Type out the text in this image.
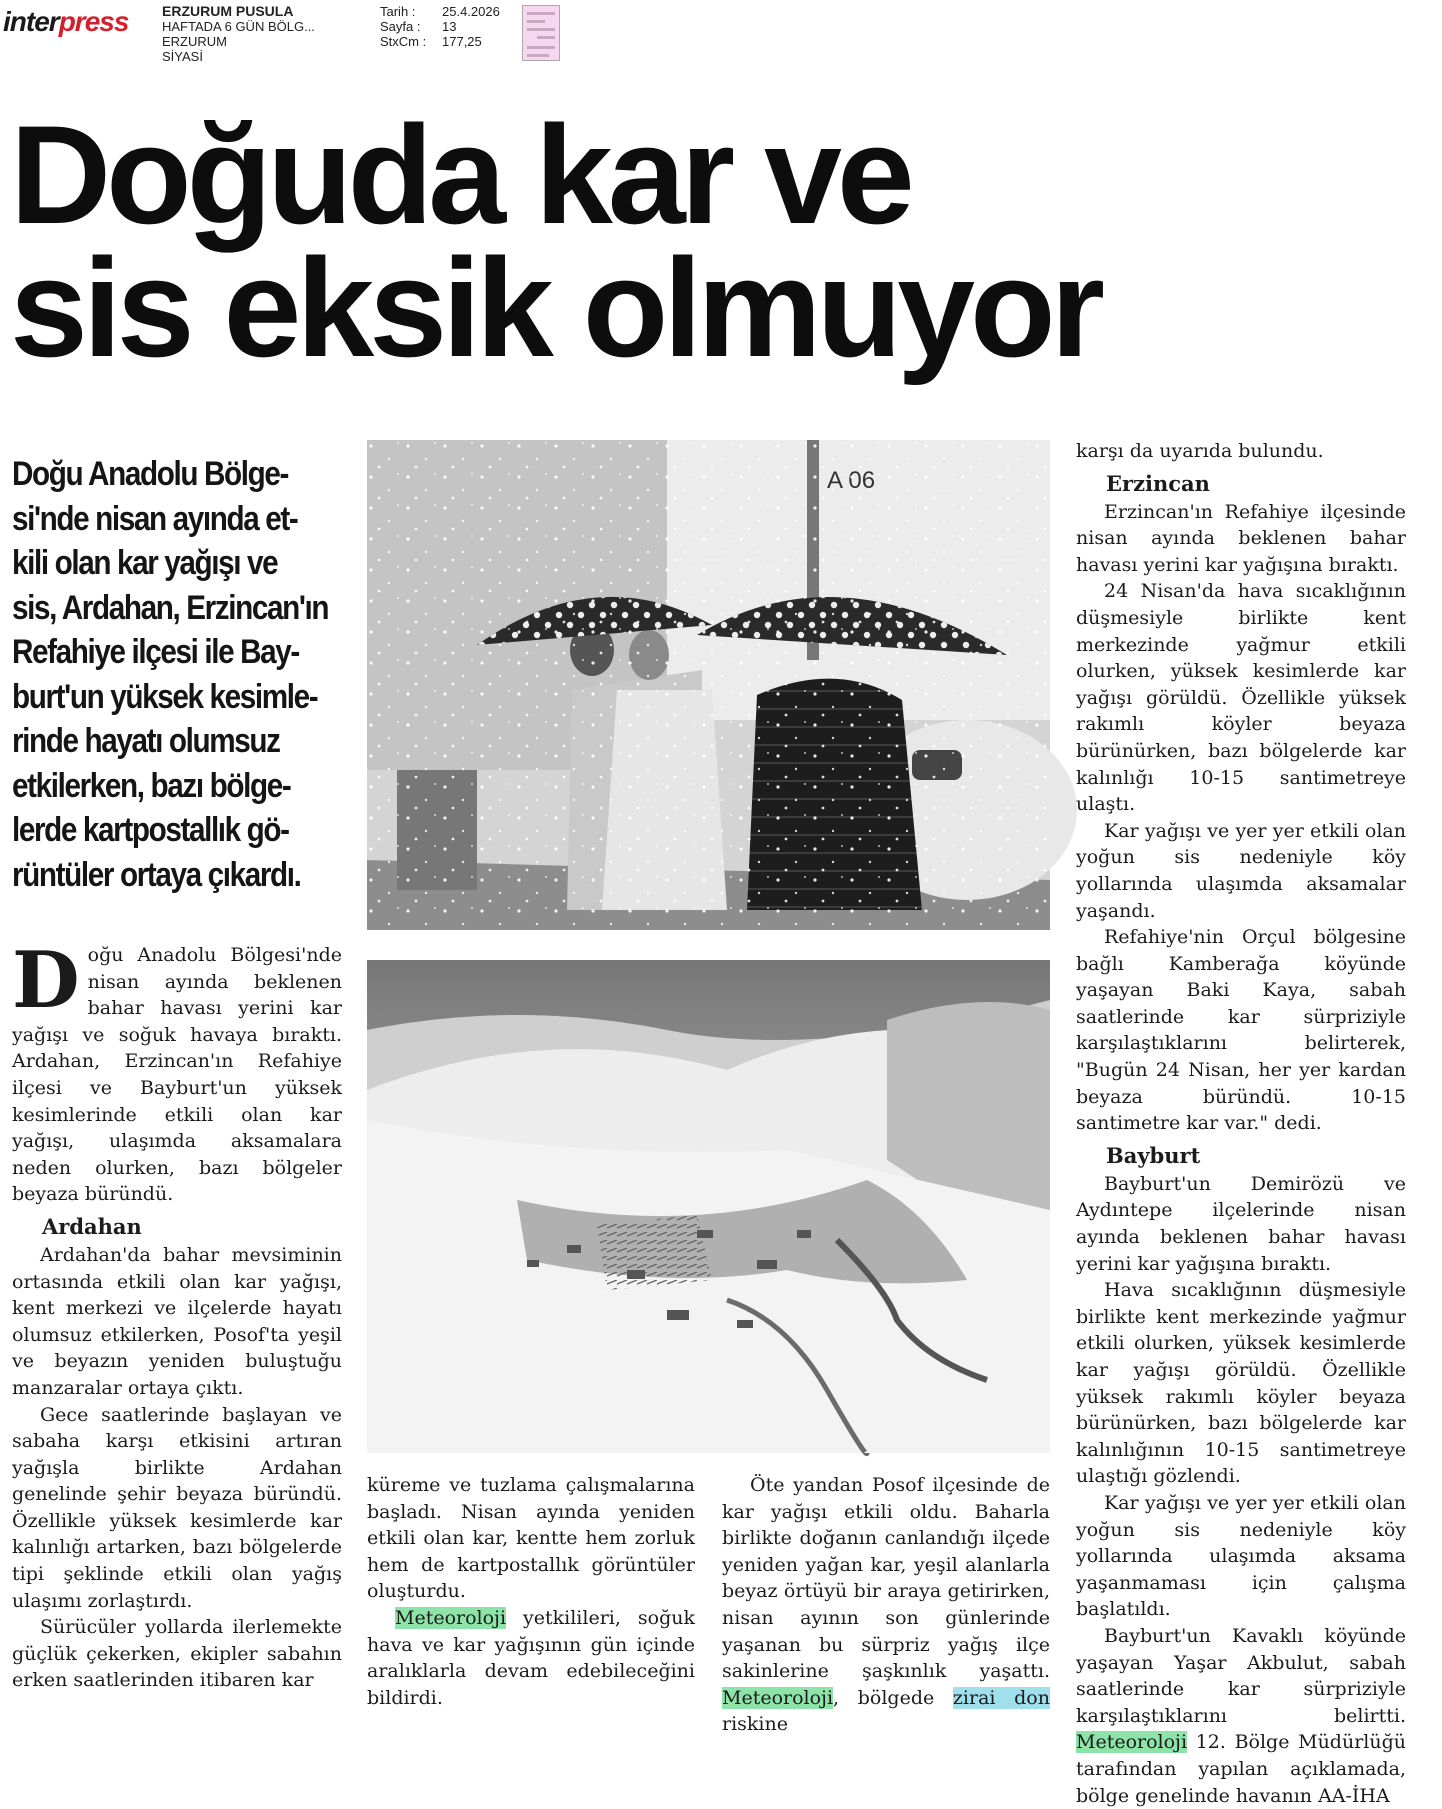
interpress ERZURUM PUSULA
HAFTADA 6 GÜN BÖLG...
ERZURUM
SİYASİ
Tarih : 25.4.2026
Sayfa : 13
StxCm : 177,25
Doğuda kar ve
sis eksik olmuyor
Doğu Anadolu Bölge-
si'nde nisan ayında et-
kili olan kar yağışı ve
sis, Ardahan, Erzincan'ın
Refahiye ilçesi ile Bay-
burt'un yüksek kesimle-
rinde hayatı olumsuz
etkilerken, bazı bölge-
lerde kartpostallık gö-
rüntüler ortaya çıkardı.

Doğu Anadolu Bölgesi'nde nisan ayında beklenen bahar havası yerini kar yağışı ve soğuk havaya bıraktı. Ardahan, Erzincan'ın Refahiye ilçesi ve Bayburt'un yüksek kesimlerinde etkili olan kar yağışı, ulaşımda aksamalara neden olurken, bazı bölgeler beyaza büründü.

Ardahan

Ardahan'da bahar mevsiminin ortasında etkili olan kar yağışı, kent merkezi ve ilçelerde hayatı olumsuz etkilerken, Posof'ta yeşil ve beyazın yeniden buluştuğu manzaralar ortaya çıktı.

Gece saatlerinde başlayan ve sabaha karşı etkisini artıran yağışla birlikte Ardahan genelinde şehir beyaza büründü. Özellikle yüksek kesimlerde kar kalınlığı artarken, bazı bölgelerde tipi şeklinde etkili olan yağış ulaşımı zorlaştırdı.

Sürücüler yollarda ilerlemekte güçlük çekerken, ekipler sabahın erken saatlerinden itibaren kar

küreme ve tuzlama çalışmalarına başladı. Nisan ayında yeniden etkili olan kar, kentte hem zorluk hem de kartpostallık görüntüler oluşturdu.

Meteoroloji yetkilileri, soğuk hava ve kar yağışının gün içinde aralıklarla devam edebileceğini bildirdi.

Öte yandan Posof ilçesinde de kar yağışı etkili oldu. Baharla birlikte doğanın canlandığı ilçede yeniden yağan kar, yeşil alanlarla beyaz örtüyü bir araya getirirken, nisan ayının son günlerinde yaşanan bu sürpriz yağış ilçe sakinlerine şaşkınlık yaşattı. Meteoroloji, bölgede zirai don riskine

karşı da uyarıda bulundu.

Erzincan

Erzincan'ın Refahiye ilçesinde nisan ayında beklenen bahar havası yerini kar yağışına bıraktı.

24 Nisan'da hava sıcaklığının düşmesiyle birlikte kent merkezinde yağmur etkili olurken, yüksek kesimlerde kar yağışı görüldü. Özellikle yüksek rakımlı köyler beyaza bürünürken, bazı bölgelerde kar kalınlığı 10-15 santimetreye ulaştı.

Kar yağışı ve yer yer etkili olan yoğun sis nedeniyle köy yollarında ulaşımda aksamalar yaşandı.

Refahiye'nin Orçul bölgesine bağlı Kamberağa köyünde yaşayan Baki Kaya, sabah saatlerinde kar sürpriziyle karşılaştıklarını belirterek, "Bugün 24 Nisan, her yer kardan beyaza büründü. 10-15 santimetre kar var." dedi.

Bayburt

Bayburt'un Demirözü ve Aydıntepe ilçelerinde nisan ayında beklenen bahar havası yerini kar yağışına bıraktı.

Hava sıcaklığının düşmesiyle birlikte kent merkezinde yağmur etkili olurken, yüksek kesimlerde kar yağışı görüldü. Özellikle yüksek rakımlı köyler beyaza bürünürken, bazı bölgelerde kar kalınlığının 10-15 santimetreye ulaştığı gözlendi.

Kar yağışı ve yer yer etkili olan yoğun sis nedeniyle köy yollarında ulaşımda aksama yaşanmaması için çalışma başlatıldı.

Bayburt'un Kavaklı köyünde yaşayan Yaşar Akbulut, sabah saatlerinde kar sürpriziyle karşılaştıklarını belirtti. Meteoroloji 12. Bölge Müdürlüğü tarafından yapılan açıklamada, bölge genelinde havanın AA-İHA
